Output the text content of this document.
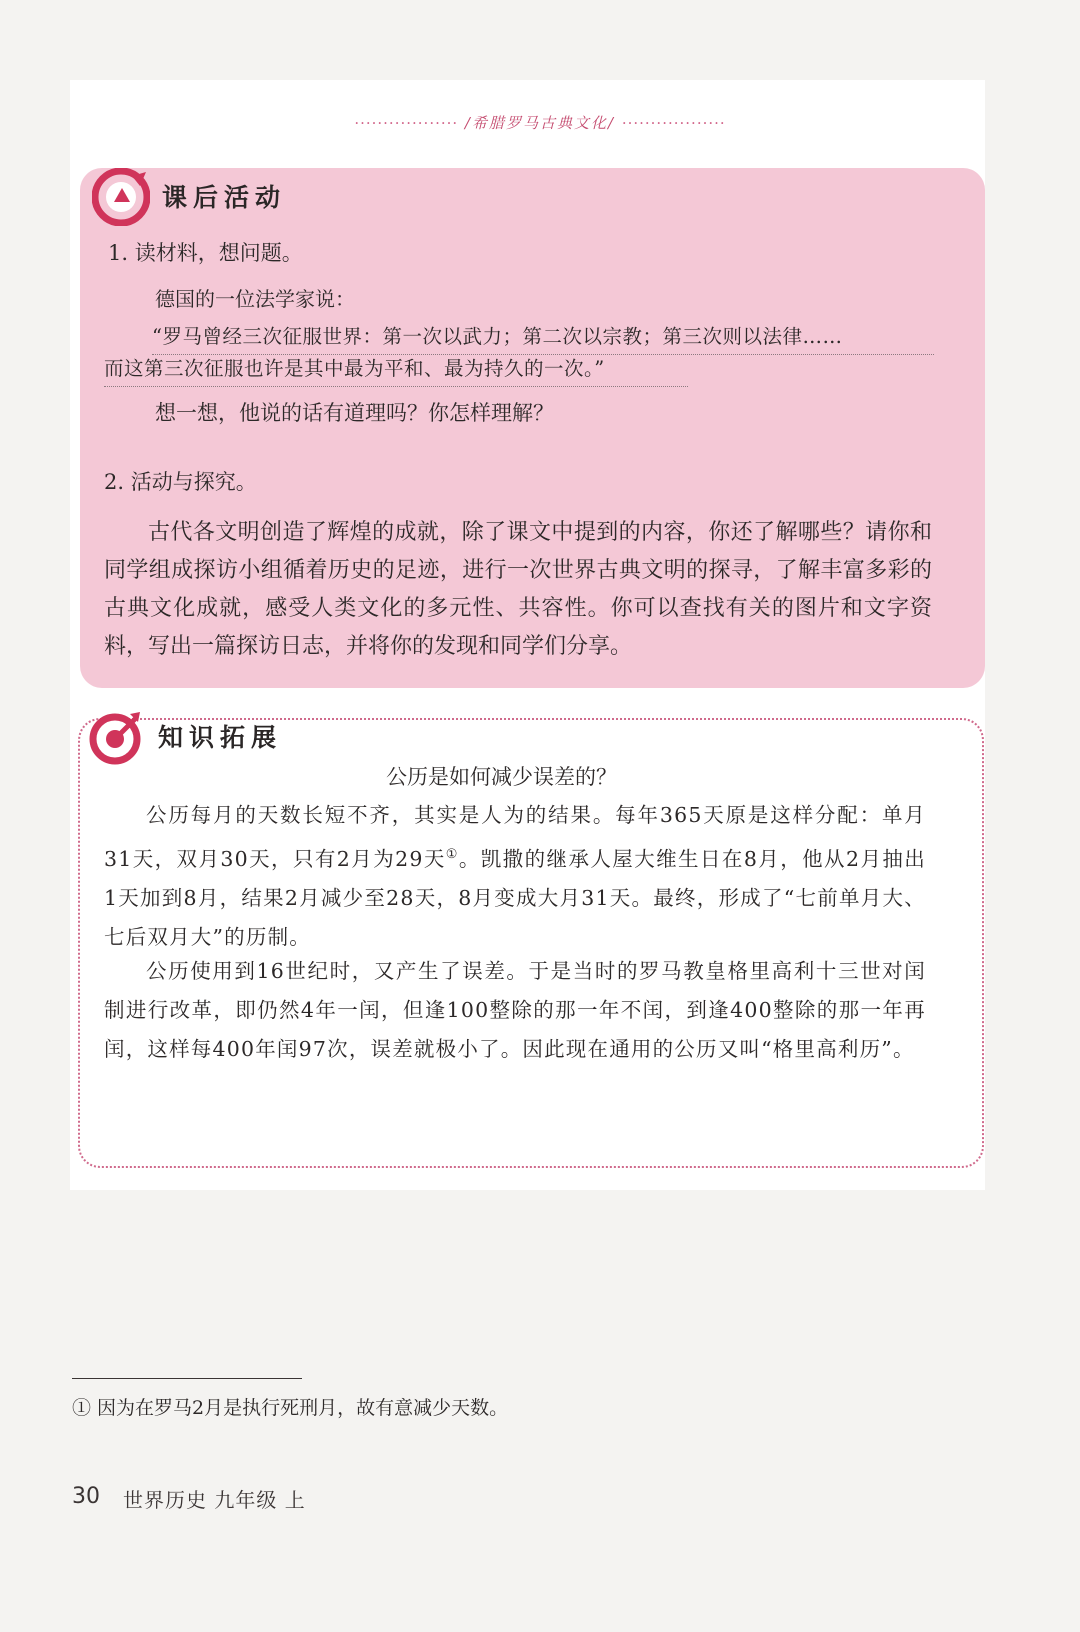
·················· /希腊罗马古典文化/ ··················
课后活动
1. 读材料，想问题。
德国的一位法学家说：
“罗马曾经三次征服世界：第一次以武力；第二次以宗教；第三次则以法律……
而这第三次征服也许是其中最为平和、最为持久的一次。”
想一想，他说的话有道理吗？你怎样理解？
2. 活动与探究。
古代各文明创造了辉煌的成就，除了课文中提到的内容，你还了解哪些？请你和同学组成探访小组循着历史的足迹，进行一次世界古典文明的探寻，了解丰富多彩的古典文化成就，感受人类文化的多元性、共容性。你可以查找有关的图片和文字资料，写出一篇探访日志，并将你的发现和同学们分享。
知识拓展
公历是如何减少误差的？
公历每月的天数长短不齐，其实是人为的结果。每年365天原是这样分配：单月31天，双月30天，只有2月为29天①。凯撒的继承人屋大维生日在8月，他从2月抽出1天加到8月，结果2月减少至28天，8月变成大月31天。最终，形成了“七前单月大、七后双月大”的历制。
公历使用到16世纪时，又产生了误差。于是当时的罗马教皇格里高利十三世对闰制进行改革，即仍然4年一闰，但逢100整除的那一年不闰，到逢400整除的那一年再闰，这样每400年闰97次，误差就极小了。因此现在通用的公历又叫“格里高利历”。
① 因为在罗马2月是执行死刑月，故有意减少天数。
30 世界历史 九年级 上
